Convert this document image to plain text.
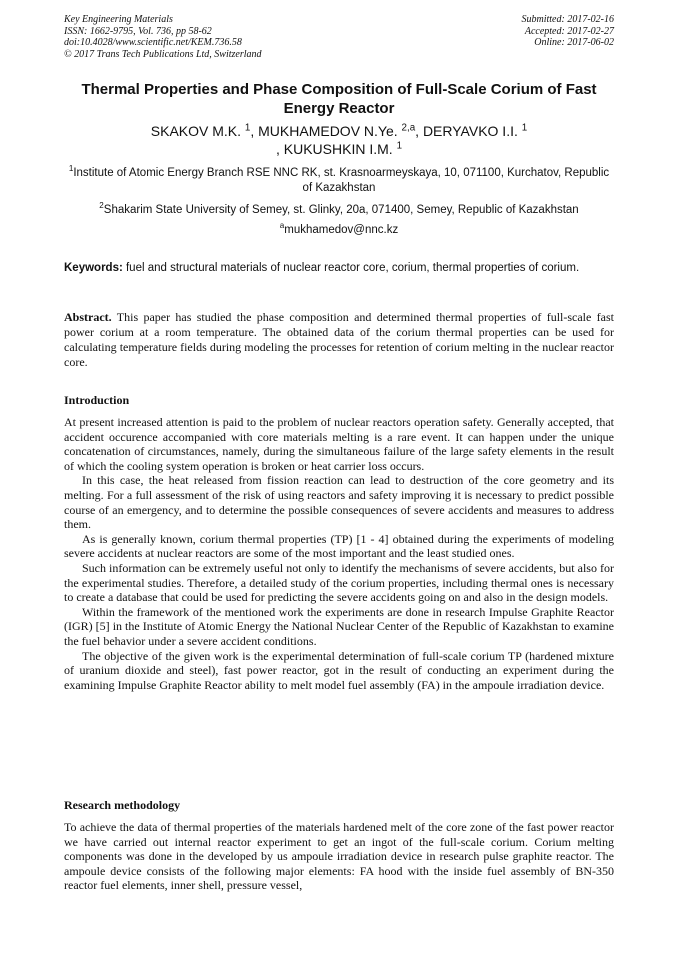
Key Engineering Materials
ISSN: 1662-9795, Vol. 736, pp 58-62
doi:10.4028/www.scientific.net/KEM.736.58
© 2017 Trans Tech Publications Ltd, Switzerland
Submitted: 2017-02-16
Accepted: 2017-02-27
Online: 2017-06-02
Thermal Properties and Phase Composition of Full-Scale Corium of Fast Energy Reactor
SKAKOV M.K. $^1$, MUKHAMEDOV N.Ye. $^{2,a}$, DERYAVKO I.I. $^1$
, KUKUSHKIN I.M. $^1$
$^1$Institute of Atomic Energy Branch RSE NNC RK, st. Krasnoarmeyskaya, 10, 071100, Kurchatov, Republic of Kazakhstan
$^2$Shakarim State University of Semey, st. Glinky, 20a, 071400, Semey, Republic of Kazakhstan
$^a$mukhamedov@nnc.kz
Keywords: fuel and structural materials of nuclear reactor core, corium, thermal properties of corium.

Abstract. This paper has studied the phase composition and determined thermal properties of full-scale fast power corium at a room temperature. The obtained data of the corium thermal properties can be used for calculating temperature fields during modeling the processes for retention of corium melting in the nuclear reactor core.

Introduction

At present increased attention is paid to the problem of nuclear reactors operation safety. Generally accepted, that accident occurence accompanied with core materials melting is a rare event. It can happen under the unique concatenation of circumstances, namely, during the simultaneous failure of the large safety elements in the result of which the cooling system operation is broken or heat carrier loss occurs.

In this case, the heat released from fission reaction can lead to destruction of the core geometry and its melting. For a full assessment of the risk of using reactors and safety improving it is necessary to predict possible course of an emergency, and to determine the possible consequences of severe accidents and measures to address them.

As is generally known, corium thermal properties (TP) [1 - 4] obtained during the experiments of modeling severe accidents at nuclear reactors are some of the most important and the least studied ones.

Such information can be extremely useful not only to identify the mechanisms of severe accidents, but also for the experimental studies. Therefore, a detailed study of the corium properties, including thermal ones is necessary to create a database that could be used for predicting the severe accidents going on and also in the design models.

Within the framework of the mentioned work the experiments are done in research Impulse Graphite Reactor (IGR) [5] in the Institute of Atomic Energy the National Nuclear Center of the Republic of Kazakhstan to examine the fuel behavior under a severe accident conditions.

The objective of the given work is the experimental determination of full-scale corium TP (hardened mixture of uranium dioxide and steel), fast power reactor, got in the result of conducting an experiment during the examining Impulse Graphite Reactor ability to melt model fuel assembly (FA) in the ampoule irradiation device.

Research methodology

To achieve the data of thermal properties of the materials hardened melt of the core zone of the fast power reactor we have carried out internal reactor experiment to get an ingot of the full-scale corium. Corium melting components was done in the developed by us ampoule irradiation device in research pulse graphite reactor. The ampoule device consists of the following major elements: FA hood with the inside fuel assembly of BN-350 reactor fuel elements, inner shell, pressure vessel,
